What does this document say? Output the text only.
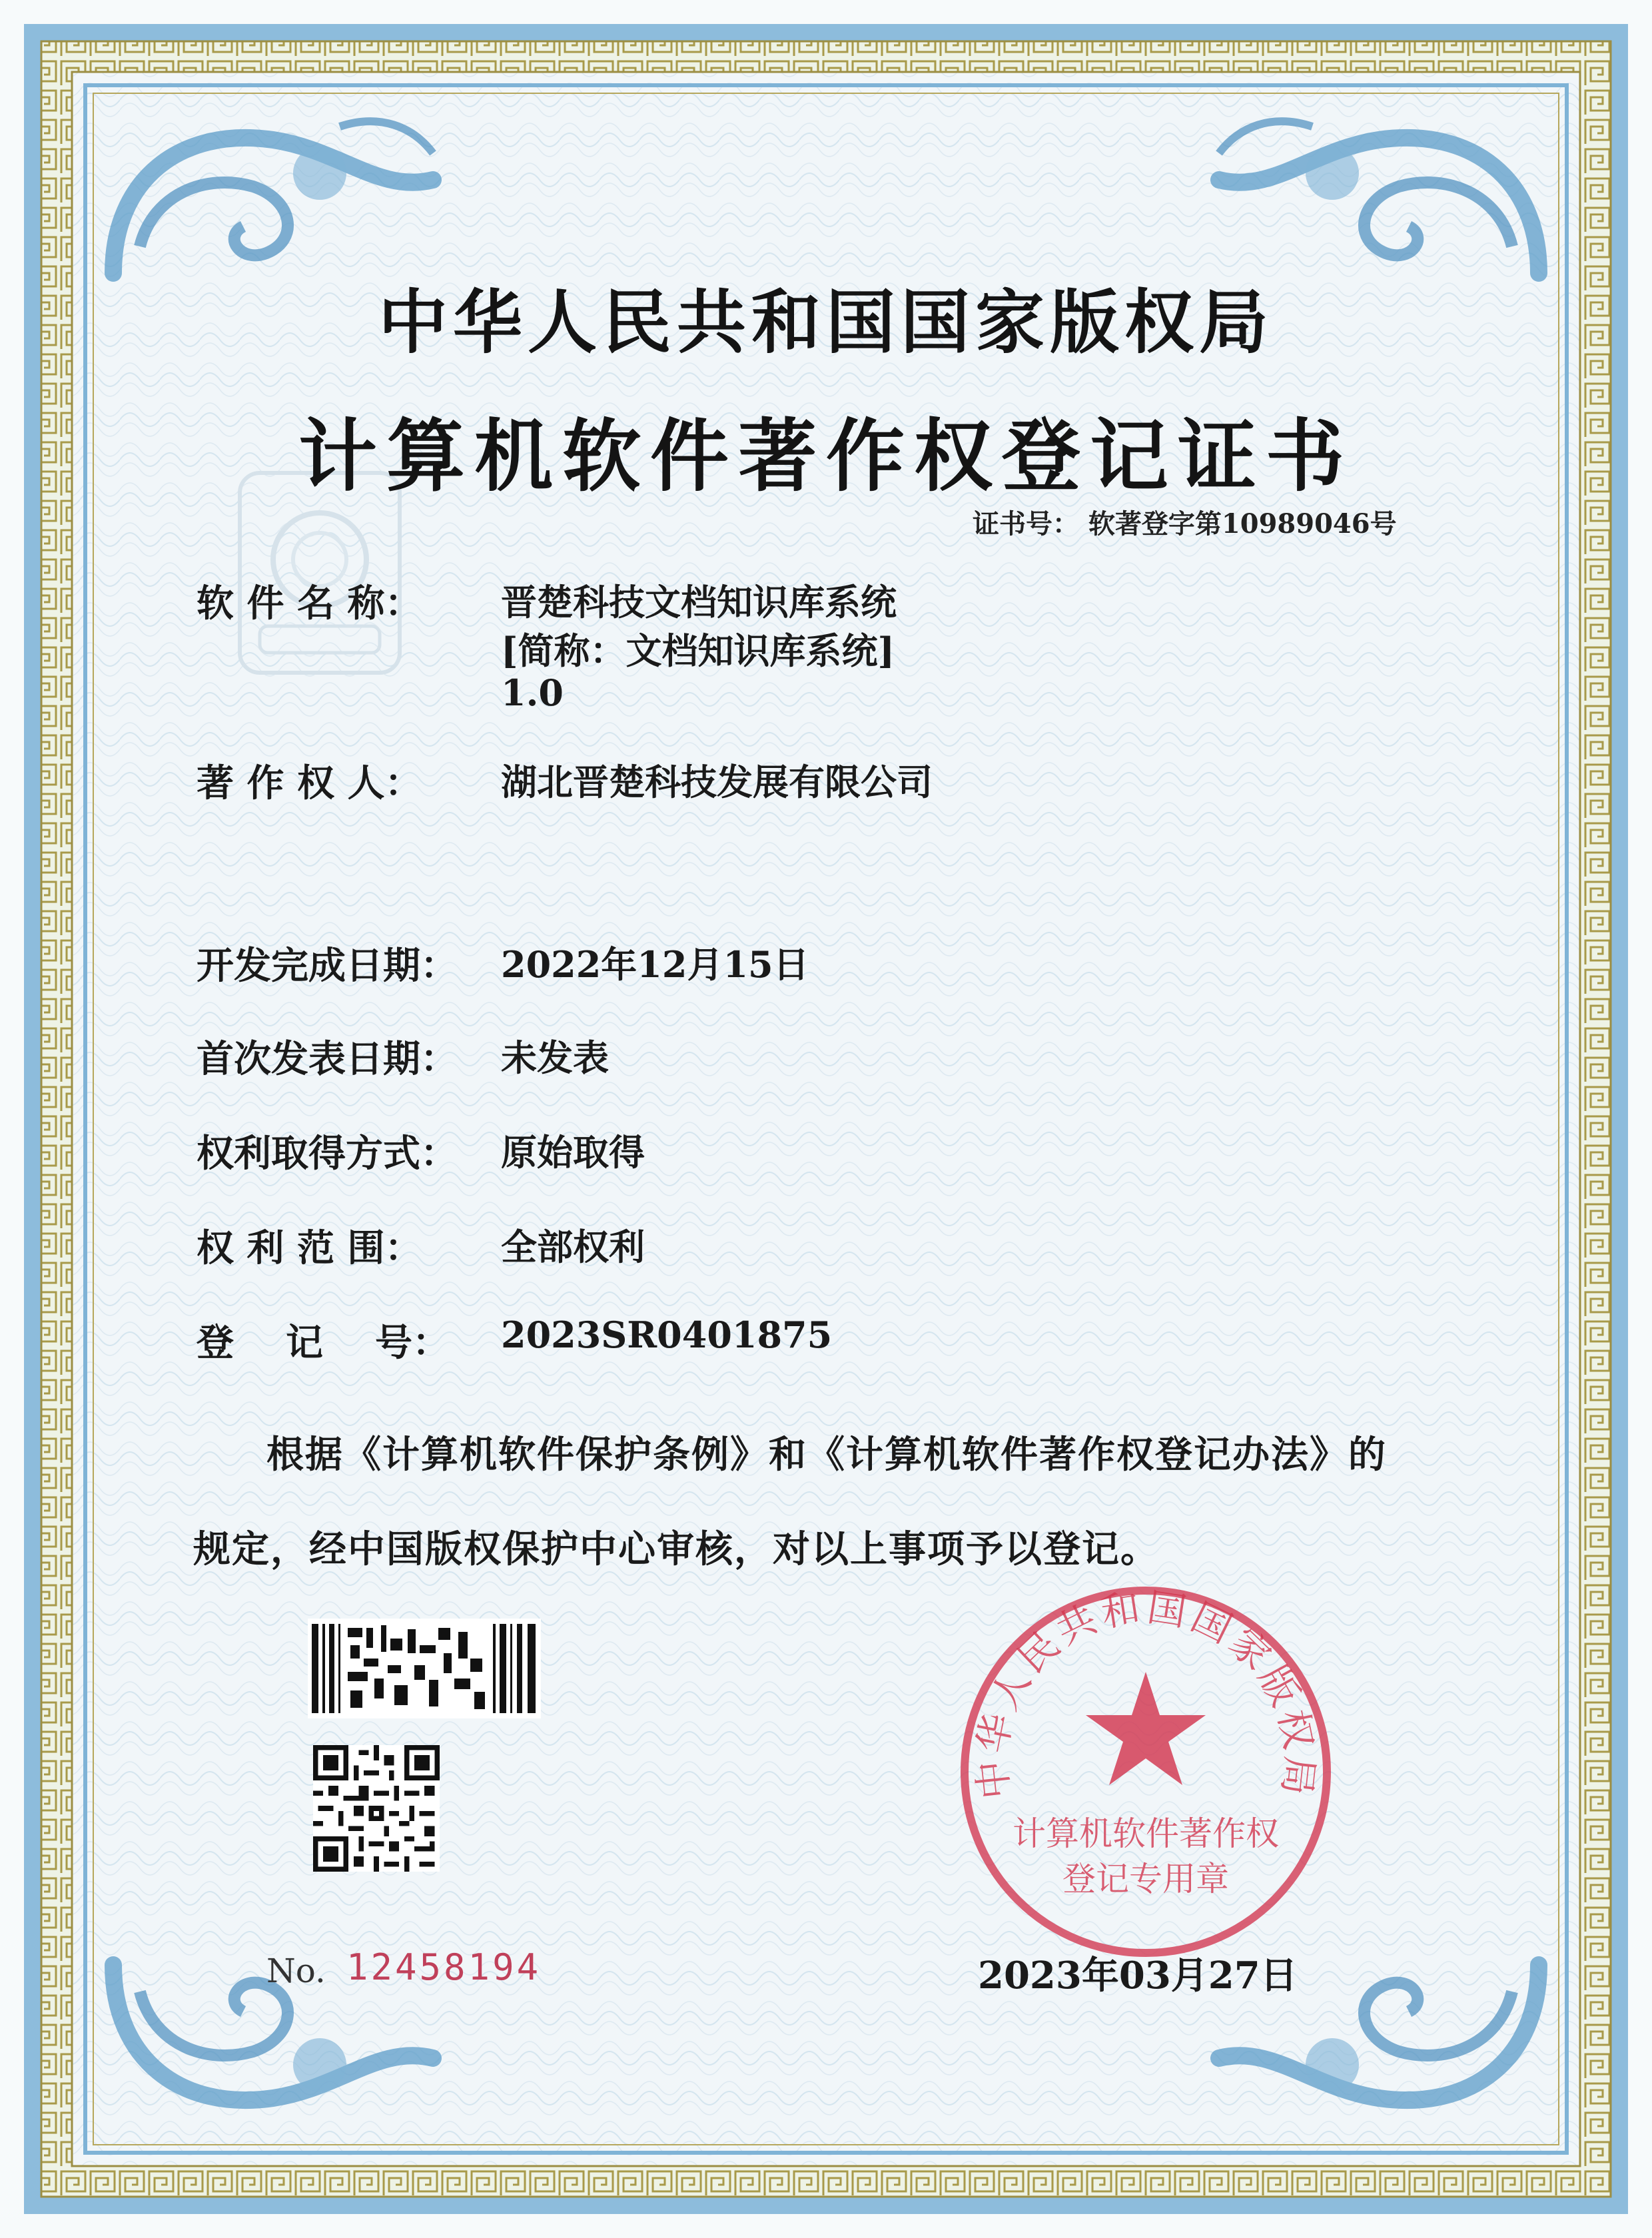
中华人民共和国国家版权局
计算机软件著作权登记证书
证书号： 软著登字第10989046号
软 件 名 称：	晋楚科技文档知识库系统
[简称：文档知识库系统]
1.0
著 作 权 人：	湖北晋楚科技发展有限公司
开发完成日期：	2022年12月15日
首次发表日期：	未发表
权利取得方式：	原始取得
权 利 范 围：	全部权利
登    记    号：	2023SR0401875
根据《计算机软件保护条例》和《计算机软件著作权登记办法》的
规定，经中国版权保护中心审核，对以上事项予以登记。
中华人民共和国国家版权局
计算机软件著作权
登记专用章
No. 12458194	2023年03月27日
